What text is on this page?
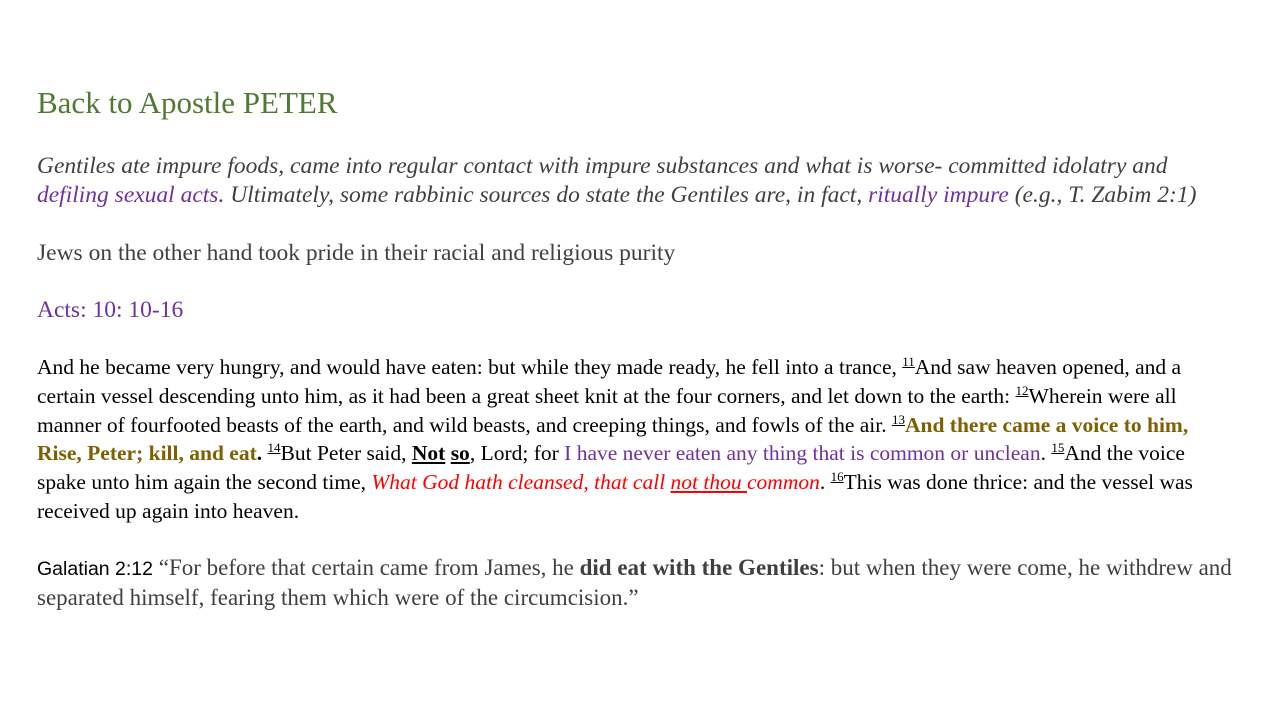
Back to Apostle PETER

Gentiles ate impure foods, came into regular contact with impure substances and what is worse- committed idolatry and defiling sexual acts. Ultimately, some rabbinic sources do state the Gentiles are, in fact, ritually impure (e.g., T. Zabim 2:1)

Jews on the other hand took pride in their racial and religious purity

Acts: 10: 10-16

And he became very hungry, and would have eaten: but while they made ready, he fell into a trance, $^{11}$And saw heaven opened, and a certain vessel descending unto him, as it had been a great sheet knit at the four corners, and let down to the earth: $^{12}$Wherein were all manner of fourfooted beasts of the earth, and wild beasts, and creeping things, and fowls of the air. $^{13}$And there came a voice to him, Rise, Peter; kill, and eat. $^{14}$But Peter said, Not so, Lord; for I have never eaten any thing that is common or unclean. $^{15}$And the voice spake unto him again the second time, What God hath cleansed, that call not thou common. $^{16}$This was done thrice: and the vessel was received up again into heaven.

Galatian 2:12 “For before that certain came from James, he did eat with the Gentiles: but when they were come, he withdrew and separated himself, fearing them which were of the circumcision.”
